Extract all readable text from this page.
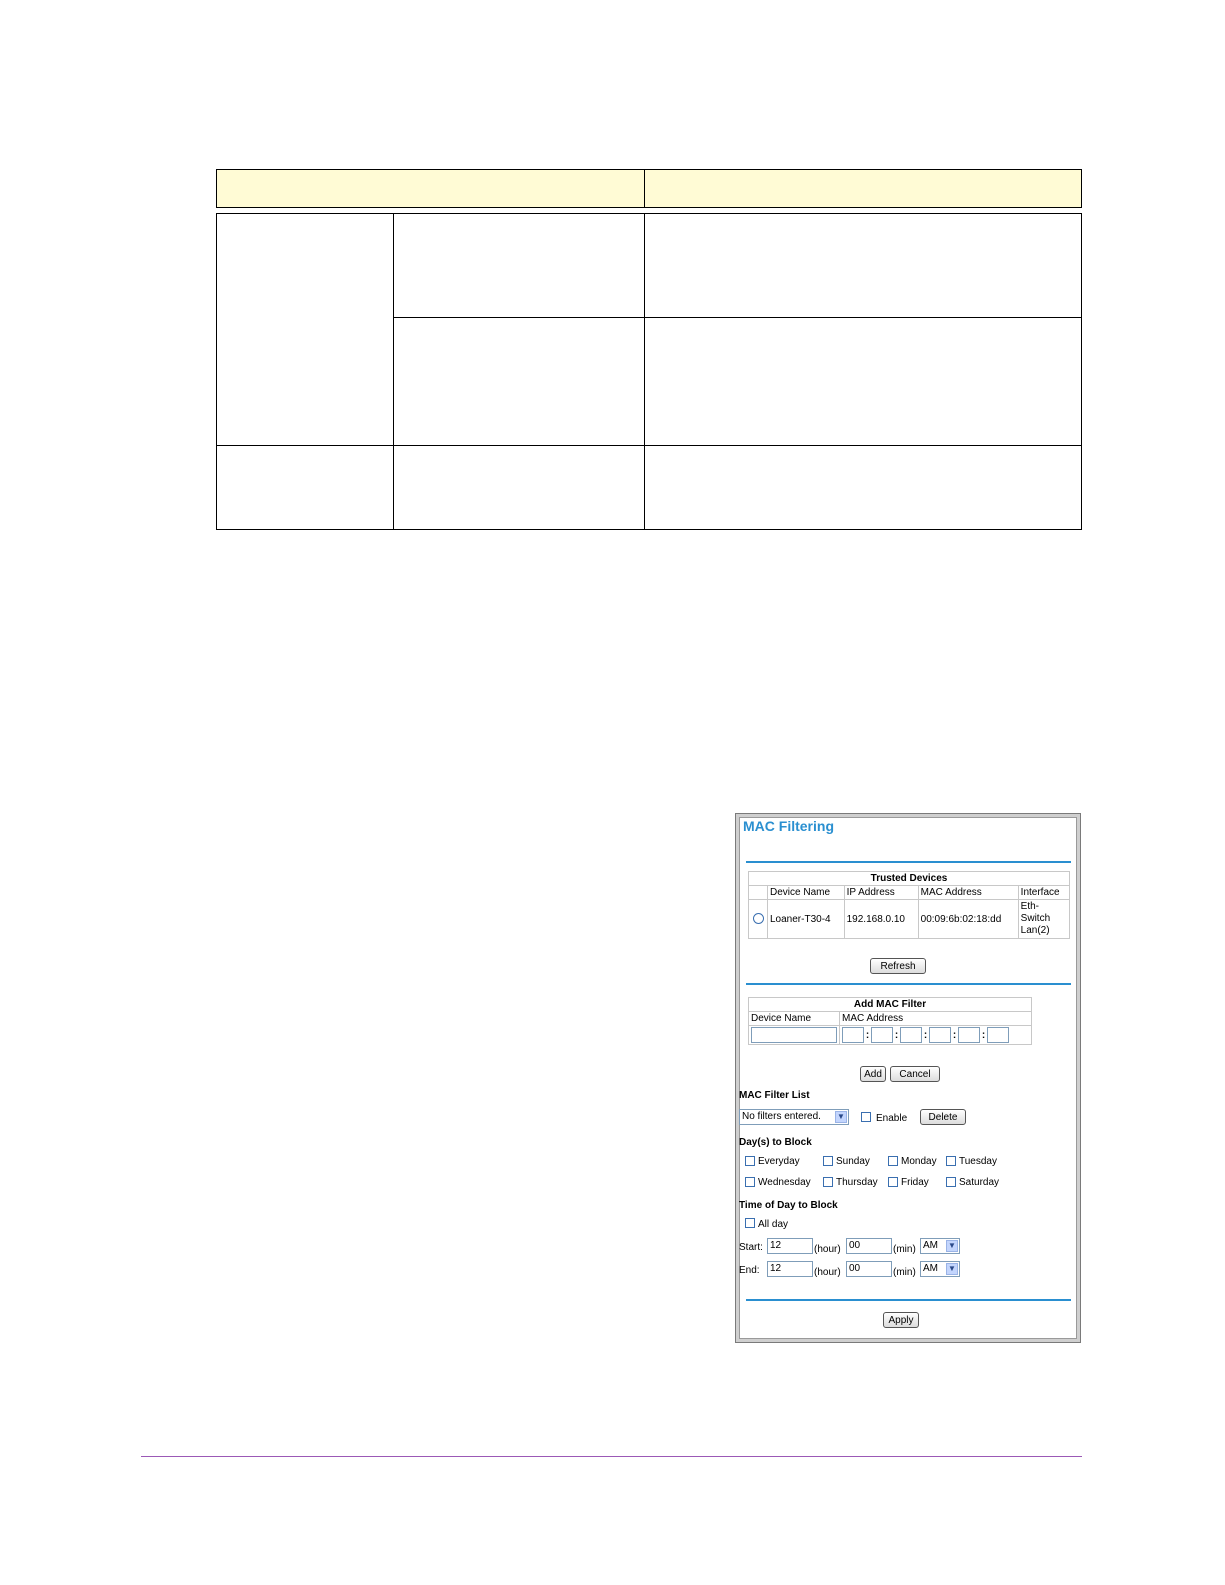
MAC Filtering
Trusted Devices				
	Device Name	IP Address	MAC Address	Interface
	Loaner-T30-4	192.168.0.10	00:09:6b:02:18:dd	Eth-
Switch
Lan(2)
Refresh
Add MAC Filter	
Device Name	MAC Address

	: : : : :
Add	Cancel
MAC Filter List
No filters entered. ▼	Enable	Delete
Day(s) to Block
Everyday	Sunday	Monday Tuesday
Wednesday	Thursday Friday	Saturday
Time of Day to Block
All day
Start: 12	(hour) 00	(min) AM ▼
End:	12	(hour) 00	(min) AM ▼
Apply
